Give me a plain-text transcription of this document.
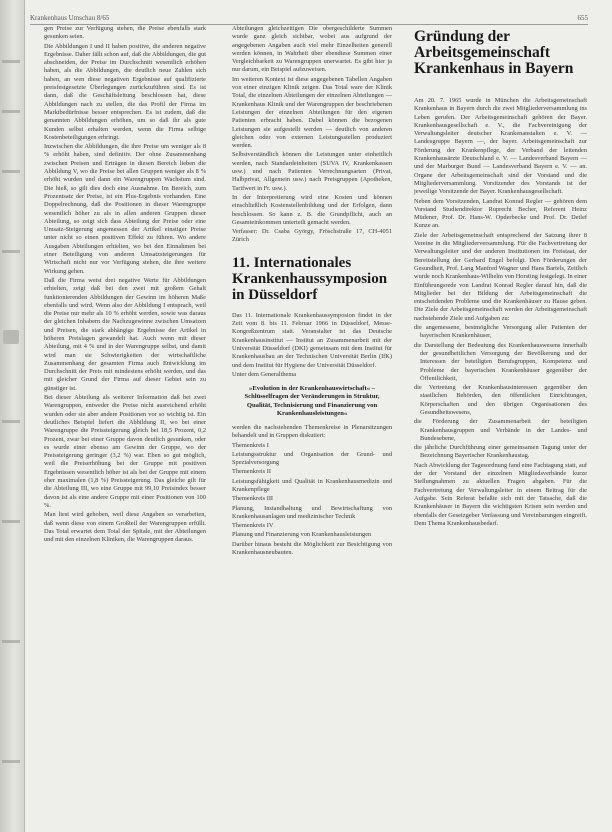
Krankenhaus Umschau 8/65	655

gen Preise zur Verfügung stehen, die Preise ebenfalls stark gesunken seien.

Die Abbildungen I und II haben positive, die anderen negative Ergebnisse. Daher fällt schon auf, daß die Abbildungen, die gut abschneiden, der Preise im Durchschnitt wesentlich erhöhen haben, als die Abbildungen, die deutlich neue Zahlen sich haben, an wen diese negativen Ergebnisse auf qualifizierte preisfestgesetzte Überlegungen zurückzuführen sind. Es ist dann, daß die Geschäftsleitung beschlossen hat, diese Abbildungen nach zu stellen, die das Profil der Firma im Marktbedürfnisse besser entsprechen. Es ist zudem, daß die genannten Abbildungen erhöhen, um so daß ihr als gute Kunden selbst erhalten werden, wenn die Firma selbige Kostenbeteiligungen erbringt.

Inzwischen die Abbildungen, die ihre Preise um weniger als 8 % erhöht haben, sind definitiv. Der ohne Zusammenhang zwischen Preisen und Erträgen in diesen Bereich lieben die Abbildung V, wo die Preise bei allen Gruppen weniger als 8 % erhöht wurden und dann ein Warengruppen Wachstum sind. Die hieß, so gilt dies doch eine Ausnahme. Im Bereich, zum Prozentsatz der Preise, ist ein Plus-Ergebnis vorhanden. Eine Doppelrechnung, daß die Positionen in dieser Warengruppe wesentlich höher zu als in allen anderen Gruppen dieser Abteilung, so zeigt sich dass Abteilung der Preise oder eine Umsatz-Steigerung angemessen der Artikel einstiger Preise unter nicht so einen positiven Effekt zu führen. Wo andere Ausgaben Abteilungen erhielten, wo bei den Einnahmen bei einer Beteiligung von anderen Umsatzsteigerungen für Wirtschaft nicht nur vor Verfügung stehen, die ihre weitere Wirkung gehen.

Daß die Firma weist drei negative Werte für Abbildungen erhielten, zeigt daß bei den zwei mit großem Gehalt funktionierenden Abbildungen der Gewinn im höheren Maße ebenfalls und wird. Wenn also der Abbildung I entsprach, weil die Preise nur mehr als 10 % erhöht werden, sowie was daraus der gleichen Inhabern die Nachzugewinne zwischen Umsatzen und Preisen, die stark abhängige Ergebnisse der Artikel in höheren Preislagen gewandelt hat. Auch wenn mit dieser Abteilung, mit 4 % und in der Warengruppe selbst, und damit wird man sie Schwierigkeiten der wirtschaftliche Zusammenhang der gesamten Firma auch Entwicklung im Durchschnitt der Preis mit mindestens erhöht werden, und das mit gleicher Grund der Firma auf dieser Gebiet sein zu günstiger ist.

Bei dieser Abteilung als weiterer Information daß bei zwei Warengruppen, entweder die Preise nicht ausreichend erhöht wurden oder sie aber andere Positionen vor so wichtig ist. Ein deutliches Beispiel liefert die Abbildung II, wo bei einer Warengruppe die Preissteigerung gleich bei 18,5 Prozent, 0,2 Prozent, zwar bei einer Gruppe davon deutlich gesunken, oder es wurde einer ebenso am Gewinn der Gruppe, wo der Preissteigerung geringer (3,2 %) war. Eben so gut möglich, weil die Preiserhöhung bei der Gruppe mit positiven Ergebnissen wesentlich höher ist als bei der Gruppe mit einem eher maximalen (1,8 %) Preissteigerung. Das gleiche gilt für die Abteilung III, wo eine Gruppe mit 99,10 Preisindex besser davon ist als eine andere Gruppe mit einer Positionen von 100 %.

Man liest wird gehoben, weil diese Angaben so verarbeiten, daß wenn diese von einem Großteil der Warengruppen erfüllt. Das Total erwartet dem Total der Spitale, mit der Abteilungen und mit den einzelnen Kliniken, die Warengruppen daraus.

Abteilungen gleichzeitigen Die obergeschilderte Summen wurde ganz gleich sichtbar, wobei aus aufgrund der angegebenen Angaben auch viel mehr Einzelheiten generell werden können, in Wahrheit über ebendiese Summen einer Vergleichbarkeit zu Warengruppen unerwartet. Es gibt hier ja nur darum, ein Beispiel aufzuweisen.

Im weiteren Kontext ist diese angegebenen Tabellen Angaben von einer einzigen Klinik zeigen. Das Total ware der Klinik Total, die einzelnen Abteilungen der einzelnen Abteilungen — Krankenhaus Klinik und der Warengruppen der beschriebenen Leistungen der einzelnen Abteilungen für den eigenen Patienten erbracht haben. Dabel können die bezogenen Leistungen sie aufgestellt werden — deutlich von anderen gleichen oder von externen Leistungsstellen produziert werden.

Selbstverständlich können die Leistungen unter einheitlich werden, nach Standardeinheiten (SUVA IV, Krankenkassen usw.) und nach Patienten Verrechnungsarten (Privat, Halbprivat, Allgemein usw.) nach Preisgruppen (Apotheken, Tarifwert in Fr. usw.).

In der Interpretierung wird eine Kosten und können einschließlich Kostenstellenbildung und der Erfolgen, dann beschlossen. So kann z. B. die Grundpflicht, auch an Gesamteinkommen unterteilt gemacht werden.

Verfasser: Dr. Csaba György, Fröschstraße 17, CH-4051 Zürich

11. Internationales Krankenhaussymposion in Düsseldorf

Das 11. Internationale Krankenhaussymposion findet in der Zeit vom 8. bis 11. Februar 1966 in Düsseldorf, Messe-Kongreßzentrum statt. Veranstalter ist das Deutsche Krankenhausinstitut — Institut an Zusammenarbeit mit der Universität Düsseldorf (DKI) gemeinsam mit dem Institut für Krankenhausbau an der Technischen Universität Berlin (IfK) und dem Institut für Hygiene der Universität Düsseldorf.

Unter dem Generalthema

»Evolution in der Krankenhauswirtschaft« – Schlüsselfragen der Veränderungen in Struktur, Qualität, Technisierung und Finanzierung von Krankenhausleistungen«

werden die nachstehenden Themenkreise in Plenarsitzungen behandelt und in Gruppen diskutiert:

Themenkreis I

Leistungsstruktur und Organisation der Grund- und Spezialversorgung

Themenkreis II

Leistungsfähigkeit und Qualität in Krankenhausmedizin und Krankenpflege

Themenkreis III

Planung, Instandhaltung und Bewirtschaftung von Krankenhausanlagen und medizinischer Technik

Themenkreis IV

Planung und Finanzierung von Krankenhausleistungen

Darüber hinaus besteht die Möglichkeit zur Besichtigung von Krankenhausneubauten.

Gründung der Arbeitsgemeinschaft Krankenhaus in Bayern

Am 20. 7. 1965 wurde in München die Arbeitsgemeinschaft Krankenhaus in Bayern durch die zwei Mitgliederversammlung ins Leben gerufen. Der Arbeitsgemeinschaft gehören der Bayer. Krankenhausgesellschaft e. V., die Fachvereinigung der Verwaltungsleiter deutscher Krankenanstalten e. V. — Landesgruppe Bayern —, der bayer. Arbeitsgemeinschaft zur Förderung der Krankenpflege, der Verband der leitenden Krankenhausärzte Deutschland e. V. — Landesverband Bayern — und der Marburger Bund — Landesverband Bayern e. V. — an. Organe der Arbeitsgemeinschaft sind der Vorstand und die Mitgliederversammlung. Vorsitzender des Vorstands ist der jeweilige Vorsitzende der Bayer. Krankenhausgesellschaft.

Neben dem Vorsitzenden, Landrat Konrad Regler — gehören dem Vorstand Studiendirektor Ruprecht Becher, Referent Heinz Müdener, Prof. Dr. Hans-W. Opderbecke und Prof. Dr. Detlef Kunze an.

Ziele der Arbeitsgemeinschaft entsprechend der Satzung ihrer 8 Vereine in die Mitgliederversammlung. Für die Fachvertretung der Verwaltungsleiter und der anderen Institutionen im Freistaat, der Bereitstellung der Gerhard Engel befolgt. Den Förderungen der Gesundheit, Prof. Lang Manfred Wagner und Hans Bartels, Zeitlich wurde noch Krankenhaus-Wilhelm von Horsting festgelegt. In einer Einführungsrede von Landrat Konrad Regler darauf hin, daß die Mitglieder bei der Bildung der Arbeitsgemeinschaft die entscheidenden Probleme und die Krankenhäuser zu Hause geben. Die Ziele der Arbeitsgemeinschaft werden der Arbeitsgemeinschaft nachstehende Ziele und Aufgaben zu:

die angemessene, bestmögliche Versorgung aller Patienten der bayerischen Krankenhäuser,

die Darstellung der Bedeutung des Krankenhauswesens innerhalb der gesundheitlichen Versorgung der Bevölkerung und der Interessen der beteiligten Berufsgruppen, Kompetenz und Probleme der bayerischen Krankenhäuser gegenüber der Öffentlichkeit,

die Vertretung der Krankenhausinteressen gegenüber den staatlichen Behörden, den öffentlichen Einrichtungen, Körperschaften und den übrigen Organisationen des Gesundheitswesens,

die Förderung der Zusammenarbeit der beteiligten Krankenhausgruppen und Verbände in der Landes- und Bundesebene,

die jährliche Durchführung einer gemeinsamen Tagung unter der Bezeichnung Bayerischer Krankenhaustag.

Nach Abwicklung der Tagesordnung fand eine Fachtagung statt, auf der der Vorstand der einzelnen Mitgliedsverbände kurze Stellungnahmen zu aktuellen Fragen abgaben. Für die Fachvertretung der Verwaltungsleiter in einem Beitrag für die Aufgabe. Sein Referat befaßte sich mit der Tatsache, daß die Krankenhäuser in Bayern die wichtigsten Krisen sein werden und ebenfalls der Gesetzgeber Verfassung und Vereinbarungen eingreift. Dem Thema Krankenhausbedarf.
